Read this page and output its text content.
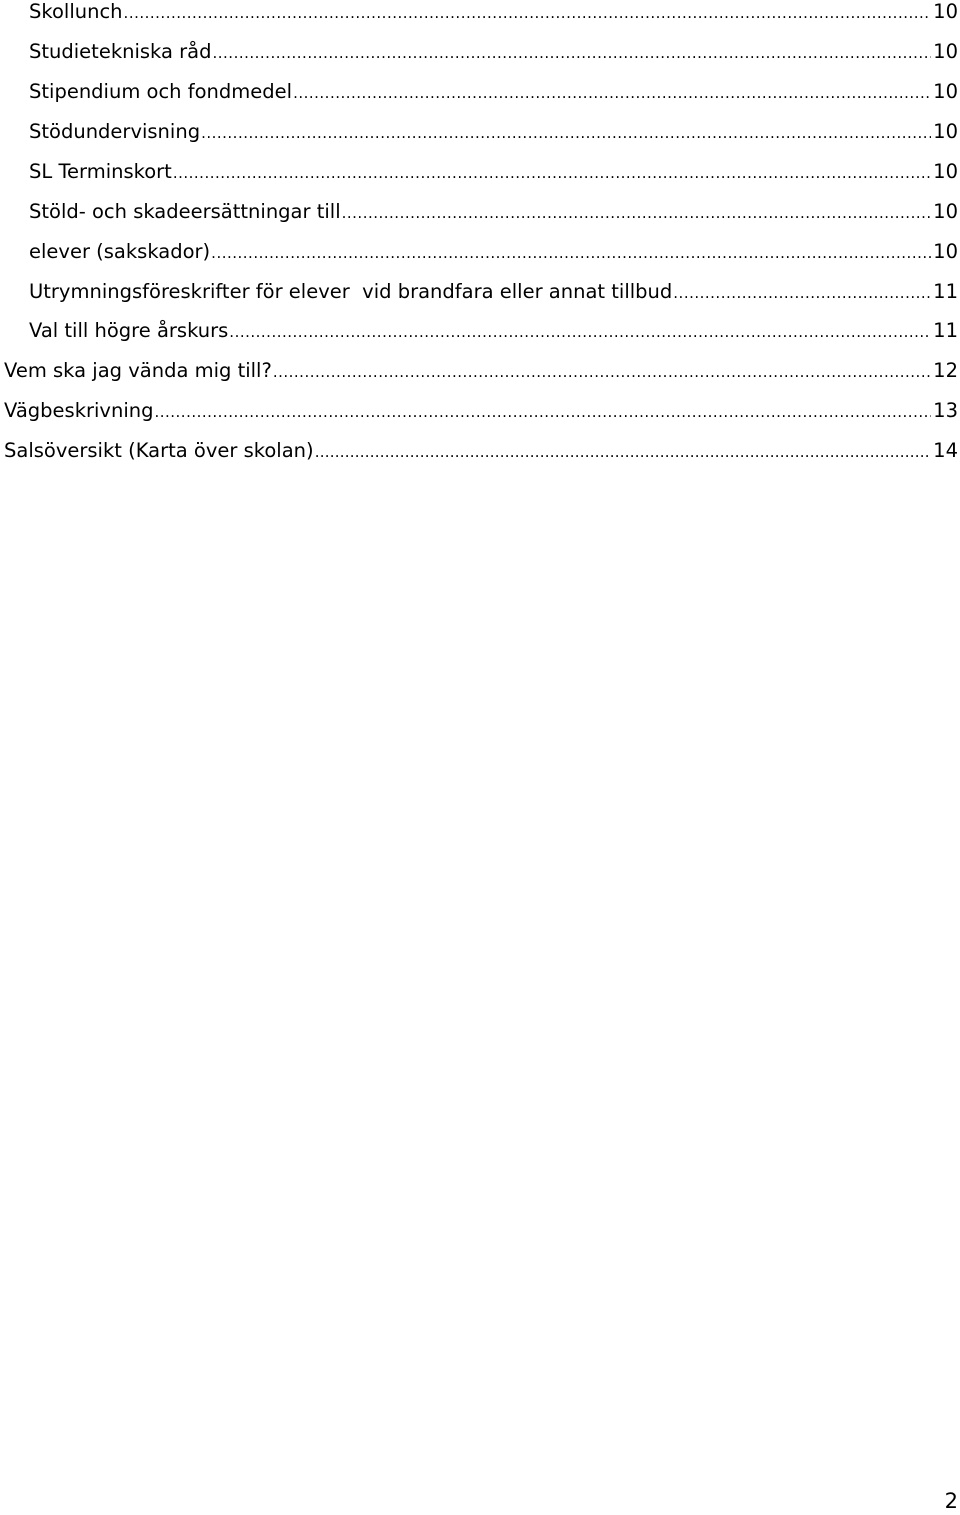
Skollunch .....	10
Studietekniska råd .....	10
Stipendium och fondmedel .....	10
Stödundervisning .....	10
SL Terminskort .....	10
Stöld- och skadeersättningar till .....	10
elever (sakskador) .....	10
Utrymningsföreskrifter för elever  vid brandfara eller annat tillbud .....	11
Val till högre årskurs .....	11
Vem ska jag vända mig till? .....	12
Vägbeskrivning .....	13
Salsöversikt (Karta över skolan) ……………………………………………………………………………………………………………………………………………………………………	14
2
